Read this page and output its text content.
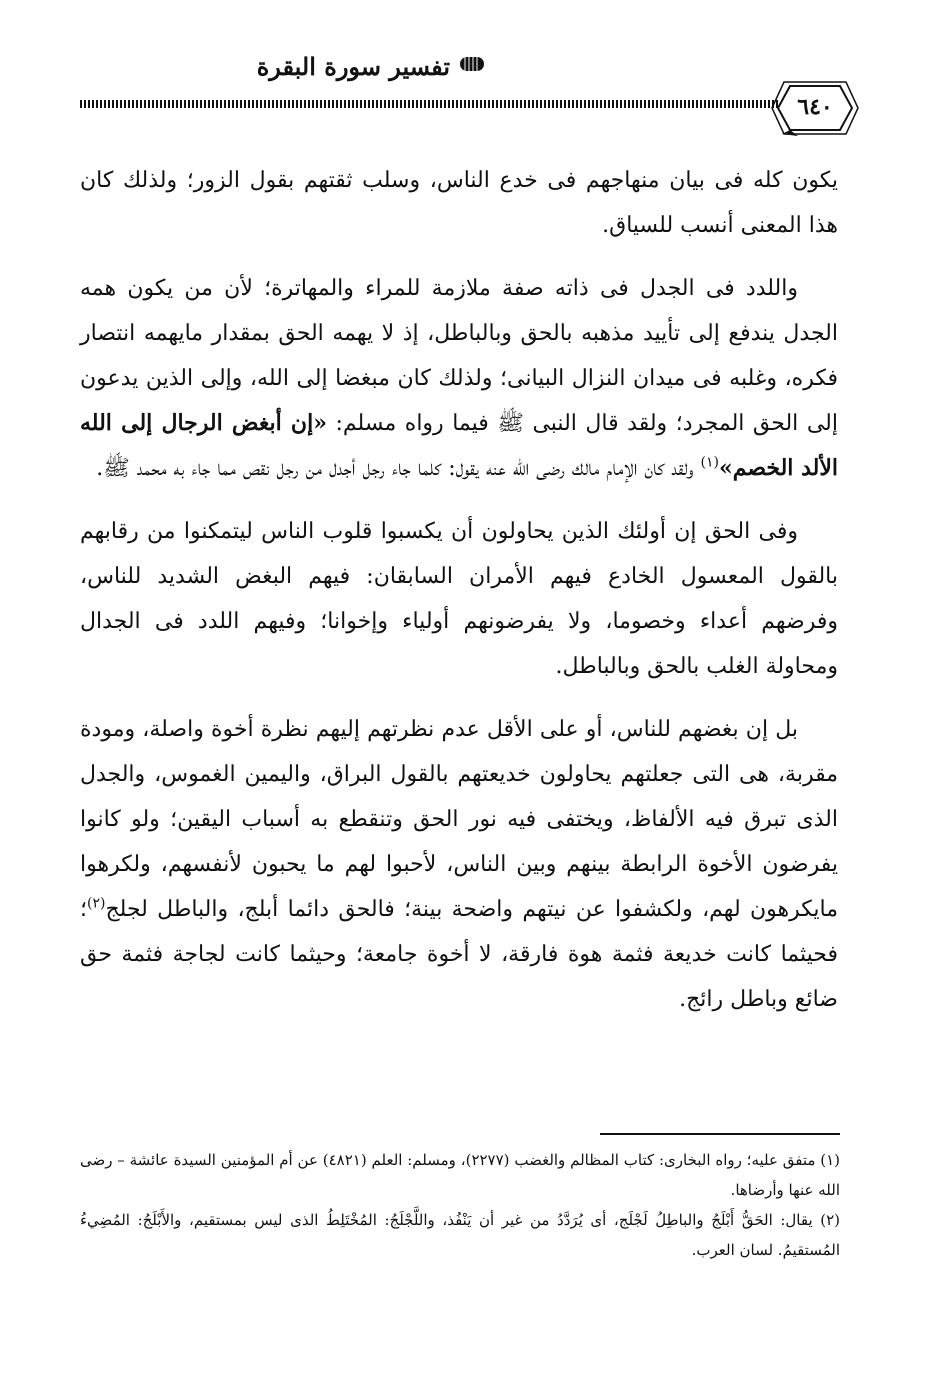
تفسير سورة البقرة
٦٤٠

يكون كله فى بيان منهاجهم فى خدع الناس، وسلب ثقتهم بقول الزور؛ ولذلك كان هذا المعنى أنسب للسياق.

واللدد فى الجدل فى ذاته صفة ملازمة للمراء والمهاترة؛ لأن من يكون همه الجدل يندفع إلى تأييد مذهبه بالحق وبالباطل، إذ لا يهمه الحق بمقدار مايهمه انتصار فكره، وغلبه فى ميدان النزال البيانى؛ ولذلك كان مبغضا إلى الله، وإلى الذين يدعون إلى الحق المجرد؛ ولقد قال النبى ﷺ فيما رواه مسلم: «إن أبغض الرجال إلى الله الألد الخصم»$^{(١)}$ ولقد كان الإمام مالك رضى الله عنه يقول: كلما جاء رجل أجدل من رجل نقص مما جاء به محمد ﷺ.

وفى الحق إن أولئك الذين يحاولون أن يكسبوا قلوب الناس ليتمكنوا من رقابهم بالقول المعسول الخادع فيهم الأمران السابقان: فيهم البغض الشديد للناس، وفرضهم أعداء وخصوما، ولا يفرضونهم أولياء وإخوانا؛ وفيهم اللدد فى الجدال ومحاولة الغلب بالحق وبالباطل.

بل إن بغضهم للناس، أو على الأقل عدم نظرتهم إليهم نظرة أخوة واصلة، ومودة مقربة، هى التى جعلتهم يحاولون خديعتهم بالقول البراق، واليمين الغموس، والجدل الذى تبرق فيه الألفاظ، ويختفى فيه نور الحق وتنقطع به أسباب اليقين؛ ولو كانوا يفرضون الأخوة الرابطة بينهم وبين الناس، لأحبوا لهم ما يحبون لأنفسهم، ولكرهوا مايكرهون لهم، ولكشفوا عن نيتهم واضحة بينة؛ فالحق دائما أبلج، والباطل لجلج$^{(٢)}$؛ فحيثما كانت خديعة فثمة هوة فارقة، لا أخوة جامعة؛ وحيثما كانت لجاجة فثمة حق ضائع وباطل رائج.

(١) متفق عليه؛ رواه البخارى: كتاب المظالم والغضب (٢٢٧٧)، ومسلم: العلم (٤٨٢١) عن أم المؤمنين السيدة عائشة – رضى الله عنها وأرضاها.

(٢) يقال: الحَقُّ أَبْلَجُ والباطِلُ لَجْلَج، أى يُرَدَّدُ من غير أن يَنْفُذ، واللَّجْلَجُ: المُخْتَلِطُ الذى ليس بمستقيم، والأَبْلَجُ: المُضِيءُ المُستقيمُ. لسان العرب.
